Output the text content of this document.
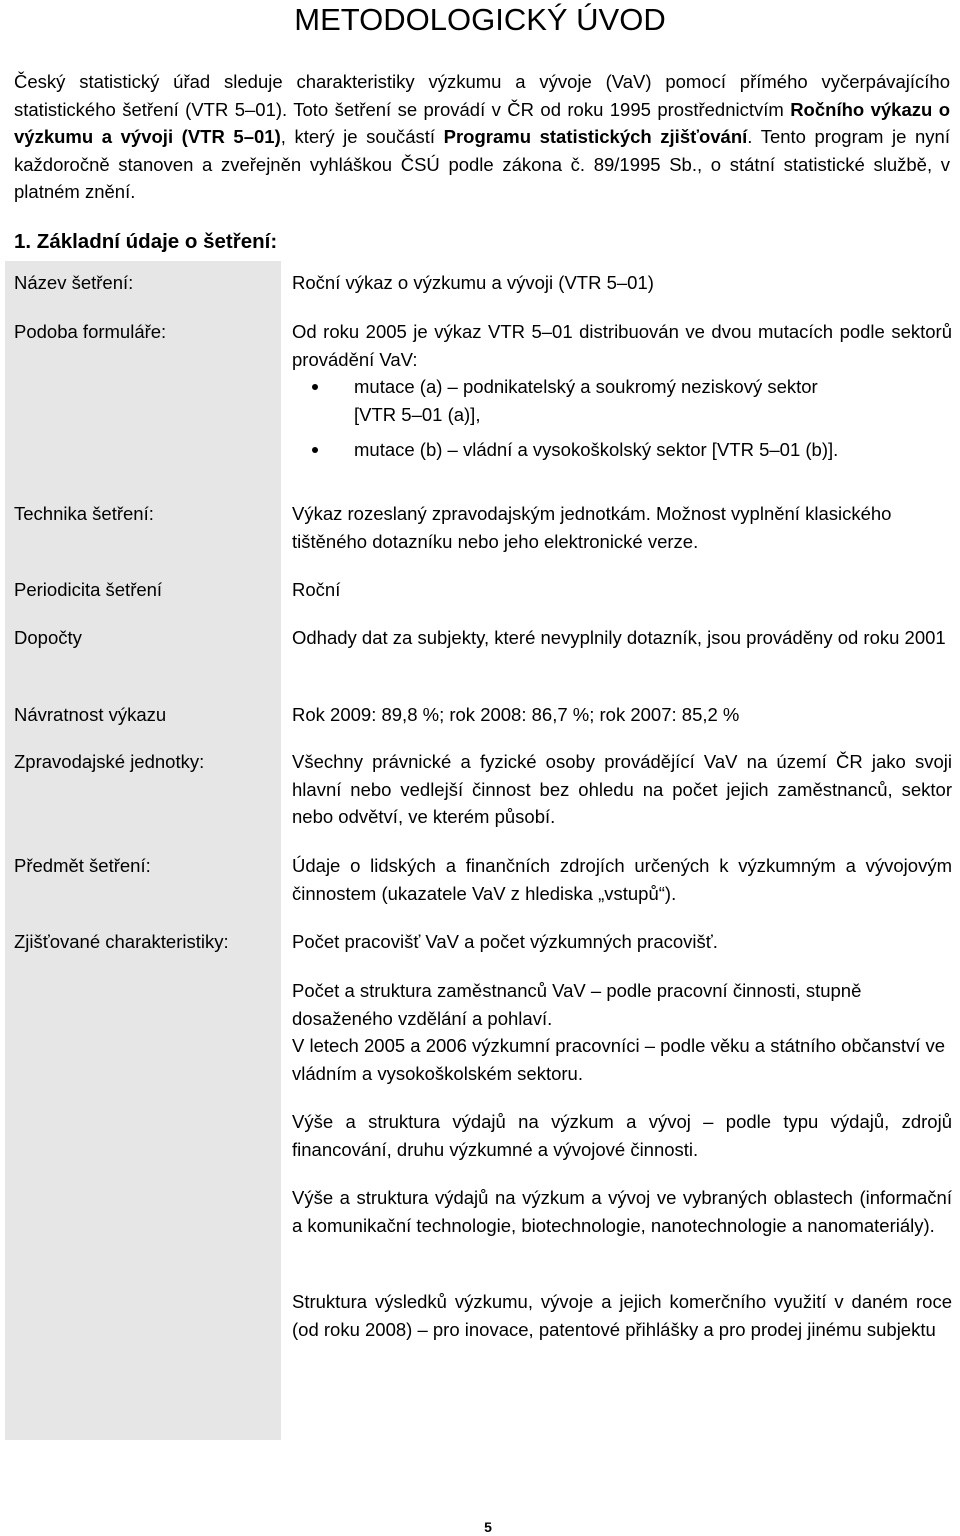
METODOLOGICKÝ ÚVOD

Český statistický úřad sleduje charakteristiky výzkumu a vývoje (VaV) pomocí přímého vyčerpávajícího statistického šetření (VTR 5–01). Toto šetření se provádí v ČR od roku 1995 prostřednictvím Ročního výkazu o výzkumu a vývoji (VTR 5–01), který je součástí Programu statistických zjišťování. Tento program je nyní každoročně stanoven a zveřejněn vyhláškou ČSÚ podle zákona č. 89/1995 Sb., o státní statistické službě, v platném znění.

1. Základní údaje o šetření:
Název šetření:	Roční výkaz o výzkumu a vývoji (VTR 5–01)
Podoba formuláře:	Od roku 2005 je výkaz VTR 5–01 distribuován ve dvou mutacích podle sektorů provádění VaV:
mutace (a) – podnikatelský a soukromý neziskový sektor
[VTR 5–01 (a)],
mutace (b) – vládní a vysokoškolský sektor [VTR 5–01 (b)].
Technika šetření:	Výkaz rozeslaný zpravodajským jednotkám. Možnost vyplnění klasického tištěného dotazníku nebo jeho elektronické verze.
Periodicita šetření	Roční
Dopočty	Odhady dat za subjekty, které nevyplnily dotazník, jsou prováděny od roku 2001
Návratnost výkazu	Rok 2009: 89,8 %; rok 2008: 86,7 %; rok 2007: 85,2 %
Zpravodajské jednotky:	Všechny právnické a fyzické osoby provádějící VaV na území ČR jako svoji hlavní nebo vedlejší činnost bez ohledu na počet jejich zaměstnanců, sektor nebo odvětví, ve kterém působí.
Předmět šetření:	Údaje o lidských a finančních zdrojích určených k výzkumným a vývojovým činnostem (ukazatele VaV z hlediska „vstupů“).
Zjišťované charakteristiky:	Počet pracovišť VaV a počet výzkumných pracovišť.
Počet a struktura zaměstnanců VaV – podle pracovní činnosti, stupně dosaženého vzdělání a pohlaví.
V letech 2005 a 2006 výzkumní pracovníci – podle věku a státního občanství ve vládním a vysokoškolském sektoru.
Výše a struktura výdajů na výzkum a vývoj – podle typu výdajů, zdrojů financování, druhu výzkumné a vývojové činnosti.
Výše a struktura výdajů na výzkum a vývoj ve vybraných oblastech (informační a komunikační technologie, biotechnologie, nanotechnologie a nanomateriály).
Struktura výsledků výzkumu, vývoje a jejich komerčního využití v daném roce (od roku 2008) – pro inovace, patentové přihlášky a pro prodej jinému subjektu
5
